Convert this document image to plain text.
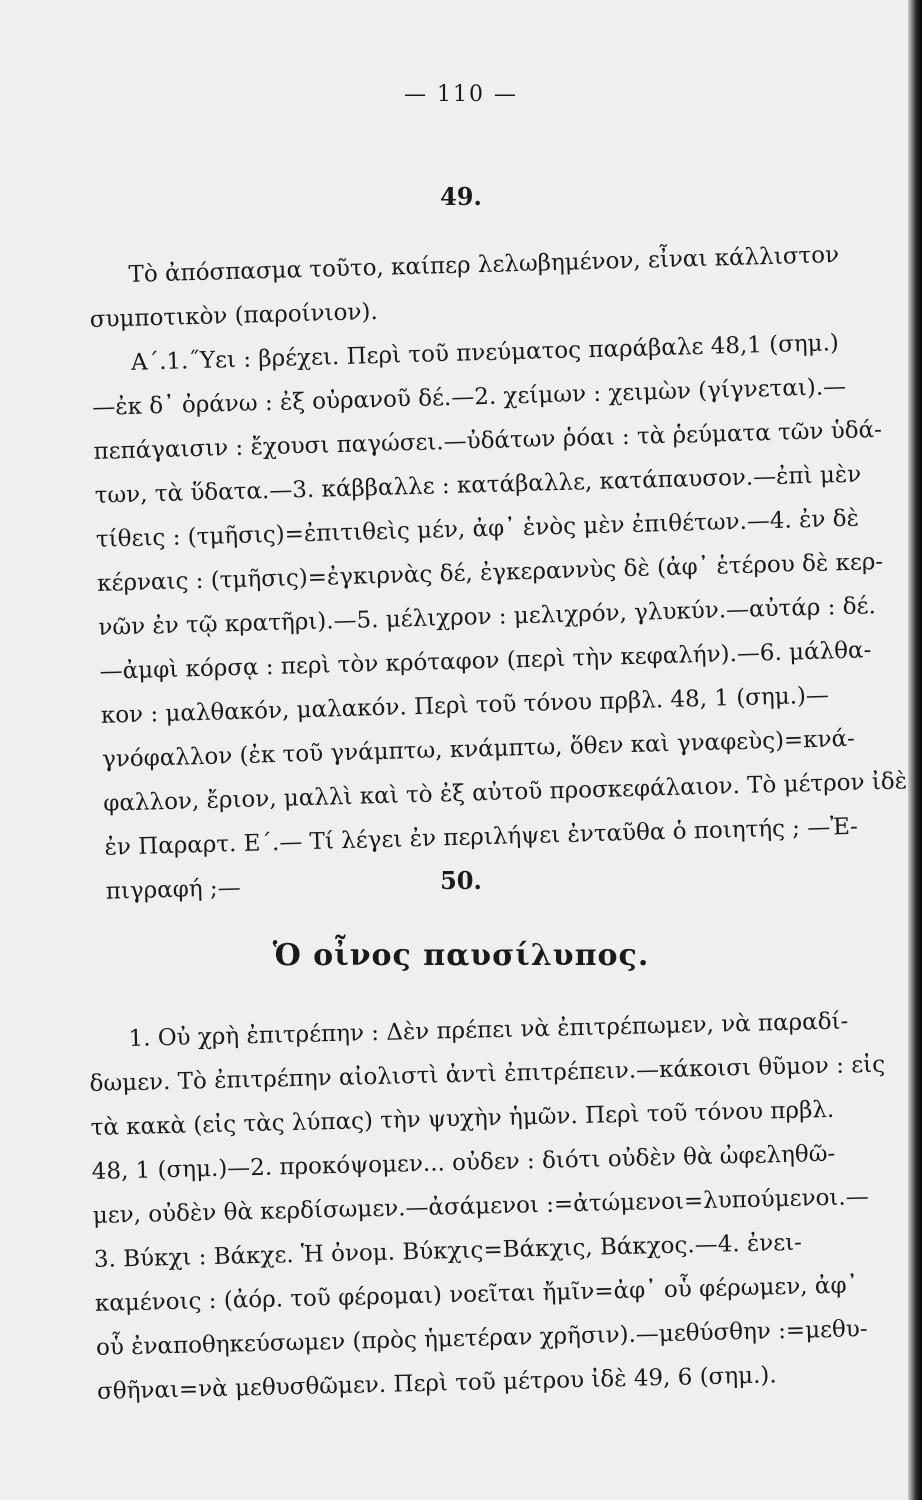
— 110 —
49.
Τὸ ἀπόσπασμα τοῦτο, καίπερ λελωβημένον, εἶναι κάλλιστον
συμποτικὸν (παροίνιον).
Α΄.1.˝Yει : βρέχει. Περὶ τοῦ πνεύματος παράβαλε 48,1 (σημ.)
—ἐκ δ᾽ ὀράνω : ἐξ οὐρανοῦ δέ.—2. χείμων : χειμὼν (γίγνεται).—
πεπάγαισιν : ἔχουσι παγώσει.—ὐδάτων ῥόαι : τὰ ῥεύματα τῶν ὑδά-
των, τὰ ὕδατα.—3. κάββαλλε : κατάβαλλε, κατάπαυσον.—ἐπὶ μὲν
τίθεις : (τμῆσις)=ἐπιτιθεὶς μέν, ἀφ᾽ ἑνὸς μὲν ἐπιθέτων.—4. ἐν δὲ
κέρναις : (τμῆσις)=ἐγκιρνὰς δέ, ἐγκεραννὺς δὲ (ἀφ᾽ ἑτέρου δὲ κερ-
νῶν ἐν τῷ κρατῆρι).—5. μέλιχρον : μελιχρόν, γλυκύν.—αὐτάρ : δέ.
—ἀμφὶ κόρσᾳ : περὶ τὸν κρόταφον (περὶ τὴν κεφαλήν).—6. μάλθα-
κον : μαλθακόν, μαλακόν. Περὶ τοῦ τόνου πρβλ. 48, 1 (σημ.)—
γνόφαλλον (ἐκ τοῦ γνάμπτω, κνάμπτω, ὅθεν καὶ γναφεὺς)=κνά-
φαλλον, ἔριον, μαλλὶ καὶ τὸ ἐξ αὐτοῦ προσκεφάλαιον. Τὸ μέτρον ἰδὲ
ἐν Παραρτ. Ε΄.— Τί λέγει ἐν περιλήψει ἐνταῦθα ὁ ποιητής ; —Ἐ-
πιγραφή ;—	50.
Ὁ οἶνος παυσίλυπος.
1. Οὐ χρὴ ἐπιτρέπην : Δὲν πρέπει νὰ ἐπιτρέπωμεν, νὰ παραδί-
δωμεν. Τὸ ἐπιτρέπην αἰολιστὶ ἀντὶ ἐπιτρέπειν.—κάκοισι θῦμον : εἰς
τὰ κακὰ (εἰς τὰς λύπας) τὴν ψυχὴν ἡμῶν. Περὶ τοῦ τόνου πρβλ.
48, 1 (σημ.)—2. προκόψομεν... οὐδεν : διότι οὐδὲν θὰ ὠφεληθῶ-
μεν, οὐδὲν θὰ κερδίσωμεν.—ἀσάμενοι :=ἀτώμενοι=λυπούμενοι.—
3. Βύκχι : Βάκχε. Ἡ ὀνομ. Βύκχις=Βάκχις, Βάκχος.—4. ἐνει-
καμένοις : (ἀόρ. τοῦ φέρομαι) νοεῖται ἤμῖν=ἀφ᾽ οὗ φέρωμεν, ἀφ᾽
οὗ ἐναποθηκεύσωμεν (πρὸς ἡμετέραν χρῆσιν).—μεθύσθην :=μεθυ-
σθῆναι=νὰ μεθυσθῶμεν. Περὶ τοῦ μέτρου ἰδὲ 49, 6 (σημ.).
